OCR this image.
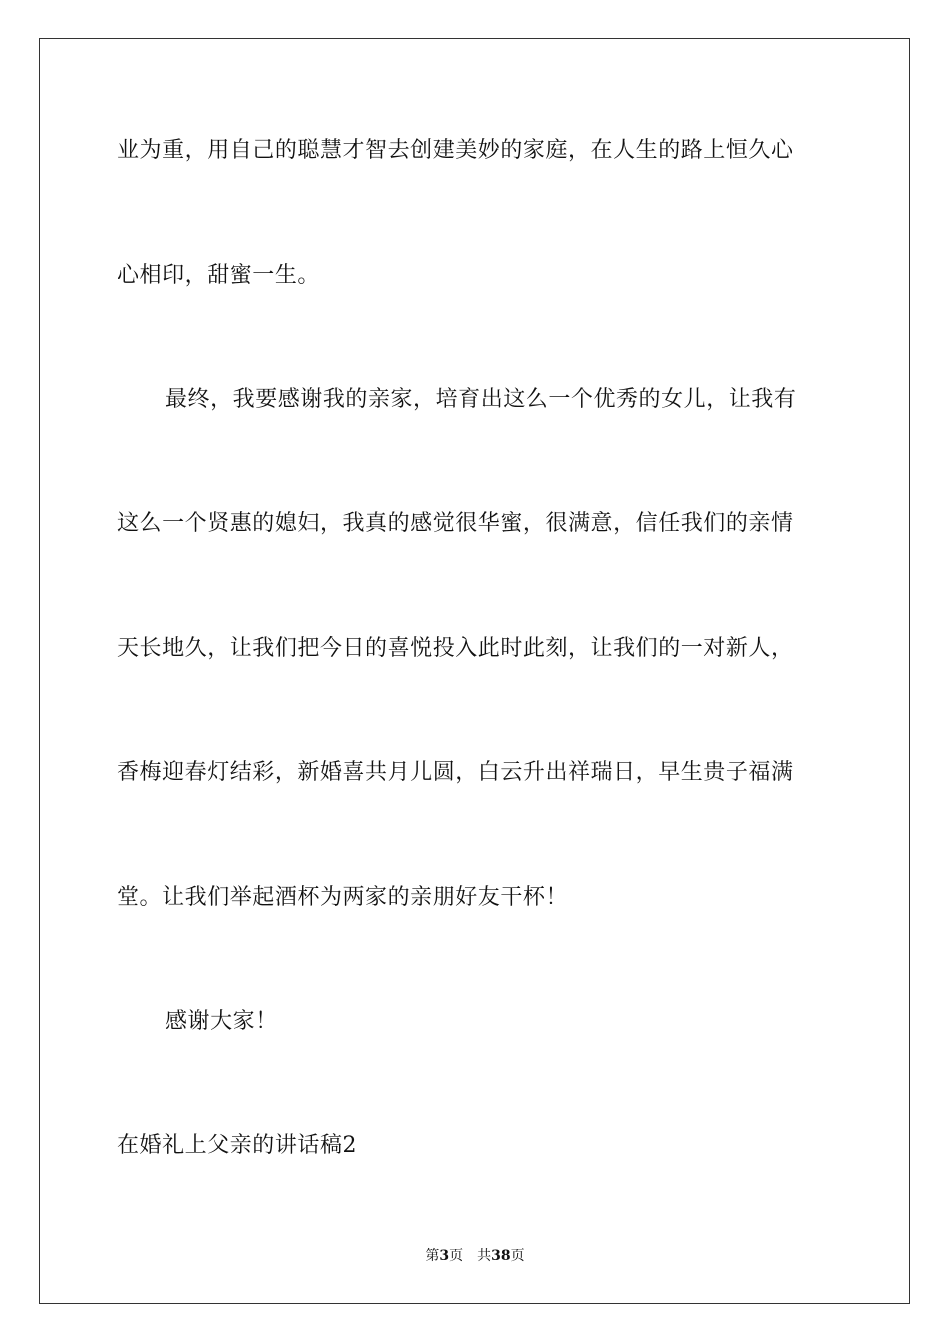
业为重，用自己的聪慧才智去创建美妙的家庭，在人生的路上恒久心
心相印，甜蜜一生。
最终，我要感谢我的亲家，培育出这么一个优秀的女儿，让我有
这么一个贤惠的媳妇，我真的感觉很华蜜，很满意，信任我们的亲情
天长地久，让我们把今日的喜悦投入此时此刻，让我们的一对新人，
香梅迎春灯结彩，新婚喜共月儿圆，白云升出祥瑞日，早生贵子福满
堂。让我们举起酒杯为两家的亲朋好友干杯！
感谢大家！
在婚礼上父亲的讲话稿2
第3页 共38页
